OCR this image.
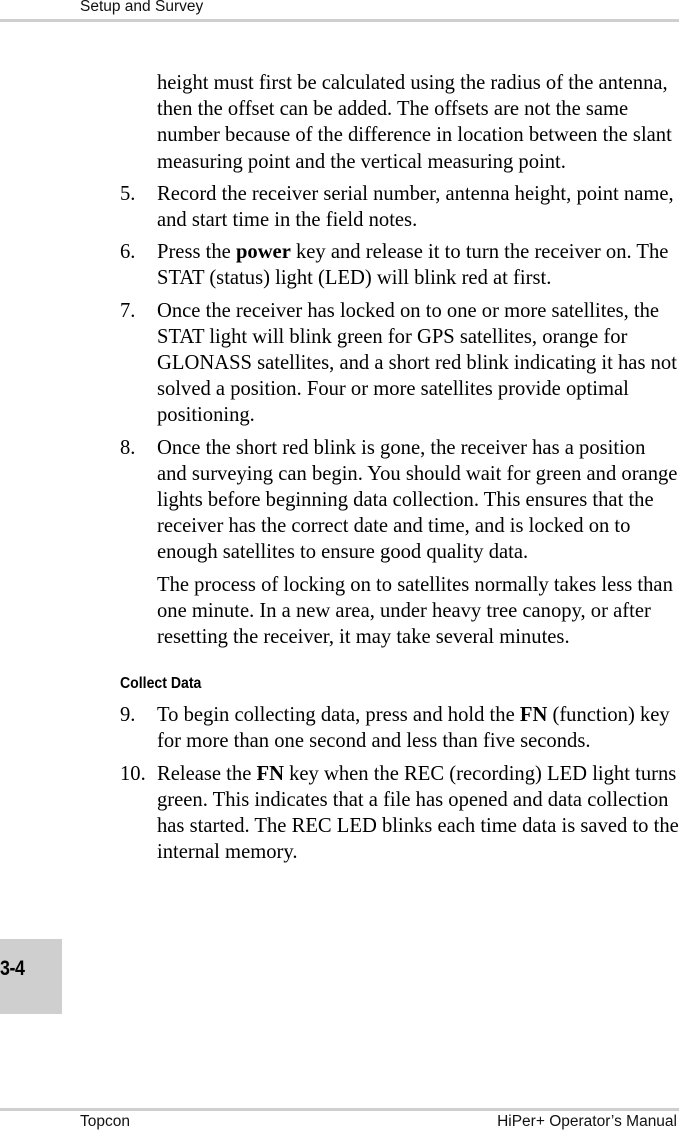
Setup and Survey
3-4

height must first be calculated using the radius of the antenna, then the offset can be added. The offsets are not the same number because of the difference in location between the slant measuring point and the vertical measuring point.

5.	Record the receiver serial number, antenna height, point name, and start time in the field notes.
6.	Press the power key and release it to turn the receiver on. The STAT (status) light (LED) will blink red at first.
7.	Once the receiver has locked on to one or more satellites, the STAT light will blink green for GPS satellites, orange for GLONASS satellites, and a short red blink indicating it has not solved a position. Four or more satellites provide optimal positioning.
8.	Once the short red blink is gone, the receiver has a position and surveying can begin. You should wait for green and orange lights before beginning data collection. This ensures that the receiver has the correct date and time, and is locked on to enough satellites to ensure good quality data.

The process of locking on to satellites normally takes less than one minute. In a new area, under heavy tree canopy, or after resetting the receiver, it may take several minutes.

Collect Data
9.	To begin collecting data, press and hold the FN (function) key for more than one second and less than five seconds.
10. Release the FN key when the REC (recording) LED light turns green. This indicates that a file has opened and data collection has started. The REC LED blinks each time data is saved to the internal memory.
Topcon	HiPer+ Operator’s Manual
